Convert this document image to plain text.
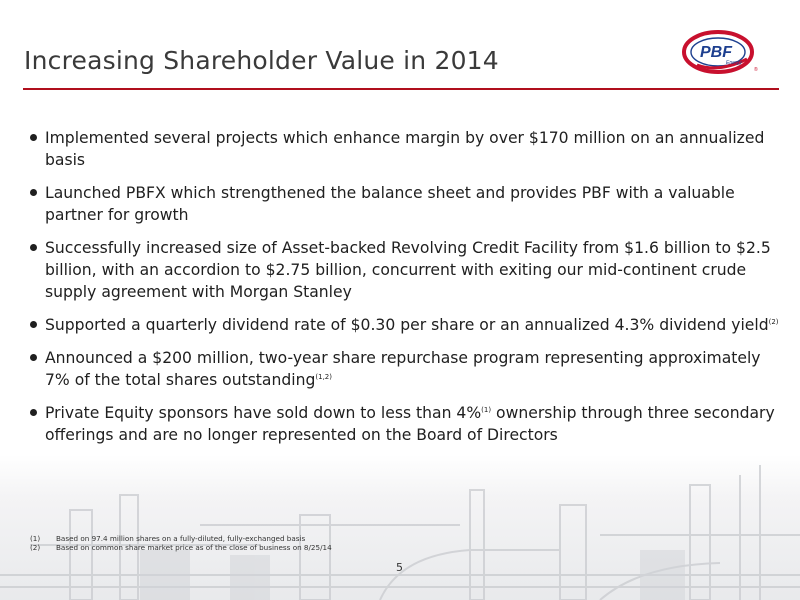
Increasing Shareholder Value in 2014	PBF
Energy
®
Implemented several projects which enhance margin by over $170 million on an annualized basis
Launched PBFX which strengthened the balance sheet and provides PBF with a valuable partner for growth
Successfully increased size of Asset-backed Revolving Credit Facility from $1.6 billion to $2.5 billion, with an accordion to $2.75 billion, concurrent with exiting our mid-continent crude supply agreement with Morgan Stanley
Supported a quarterly dividend rate of $0.30 per share or an annualized 4.3% dividend yield$^{(2)}$
Announced a $200 million, two-year share repurchase program representing approximately 7% of the total shares outstanding$^{(1,2)}$
Private Equity sponsors have sold down to less than 4%$^{(1)}$ ownership through three secondary offerings and are no longer represented on the Board of Directors
(1)	Based on 97.4 million shares on a fully-diluted, fully-exchanged basis
(2)	Based on common share market price as of the close of business on 8/25/14
5
